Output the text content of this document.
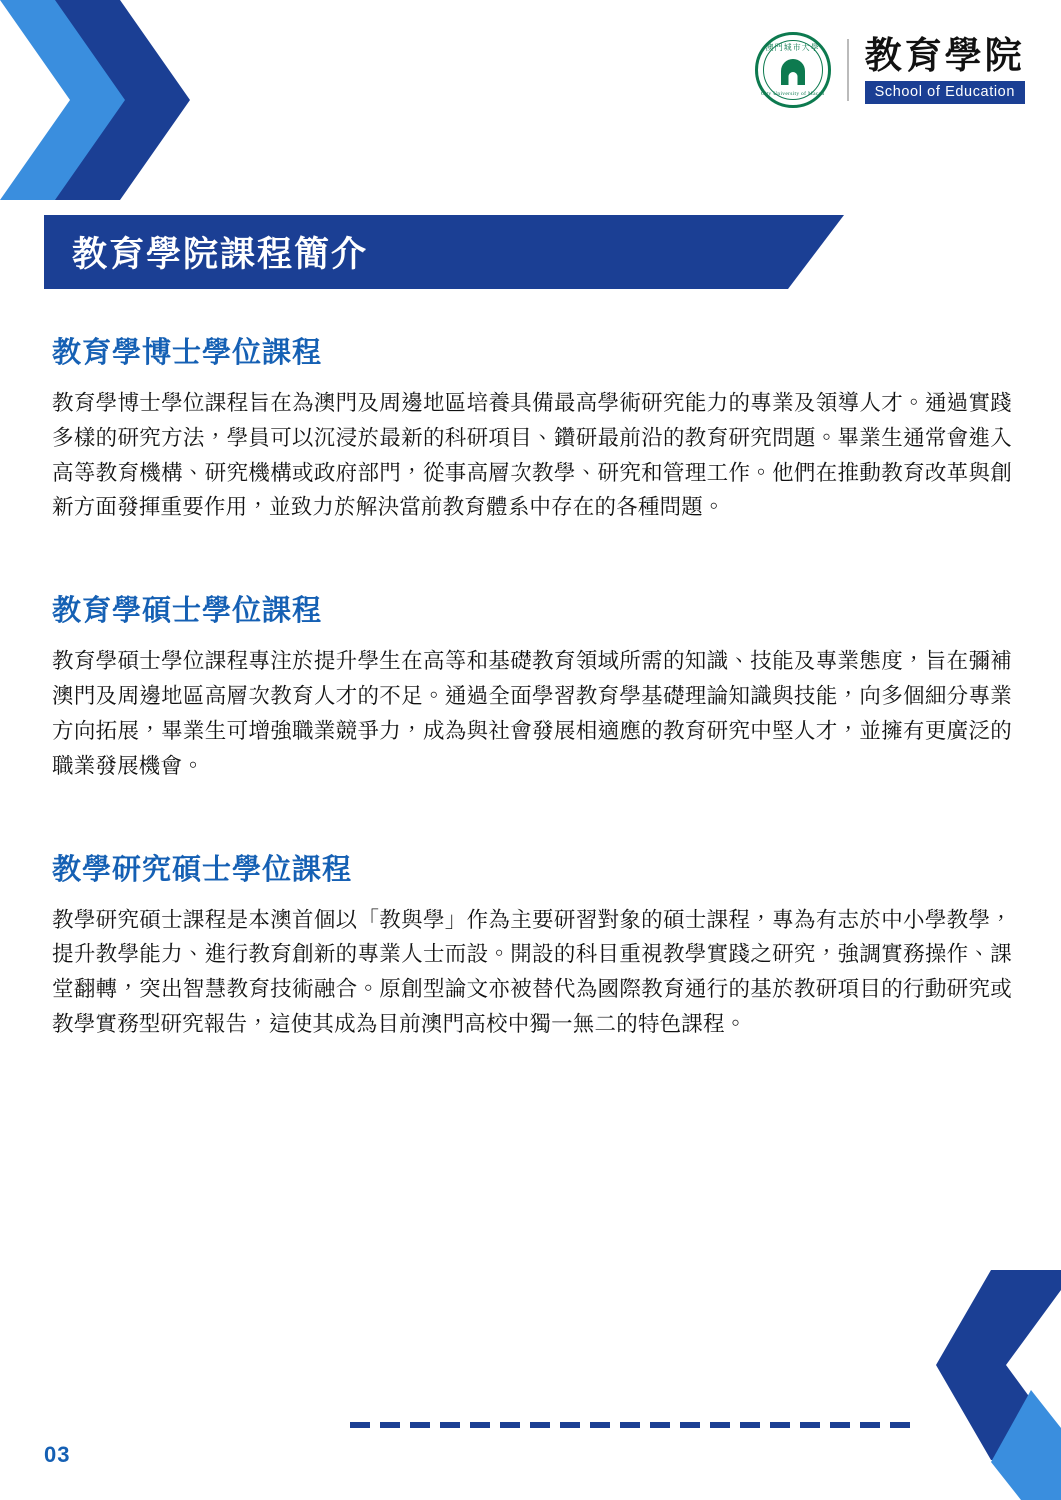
澳門城市大學
City University of Macau
教育學院
School of Education
教育學院課程簡介
教育學博士學位課程

教育學博士學位課程旨在為澳門及周邊地區培養具備最高學術研究能力的專業及領導人才。通過實踐多樣的研究方法，學員可以沉浸於最新的科研項目、鑽研最前沿的教育研究問題。畢業生通常會進入高等教育機構、研究機構或政府部門，從事高層次教學、研究和管理工作。他們在推動教育改革與創新方面發揮重要作用，並致力於解決當前教育體系中存在的各種問題。

教育學碩士學位課程

教育學碩士學位課程專注於提升學生在高等和基礎教育領域所需的知識、技能及專業態度，旨在彌補澳門及周邊地區高層次教育人才的不足。通過全面學習教育學基礎理論知識與技能，向多個細分專業方向拓展，畢業生可增強職業競爭力，成為與社會發展相適應的教育研究中堅人才，並擁有更廣泛的職業發展機會。

教學研究碩士學位課程

教學研究碩士課程是本澳首個以「教與學」作為主要研習對象的碩士課程，專為有志於中小學教學，提升教學能力、進行教育創新的專業人士而設。開設的科目重視教學實踐之研究，強調實務操作、課堂翻轉，突出智慧教育技術融合。原創型論文亦被替代為國際教育通行的基於教研項目的行動研究或教學實務型研究報告，這使其成為目前澳門高校中獨一無二的特色課程。

03
